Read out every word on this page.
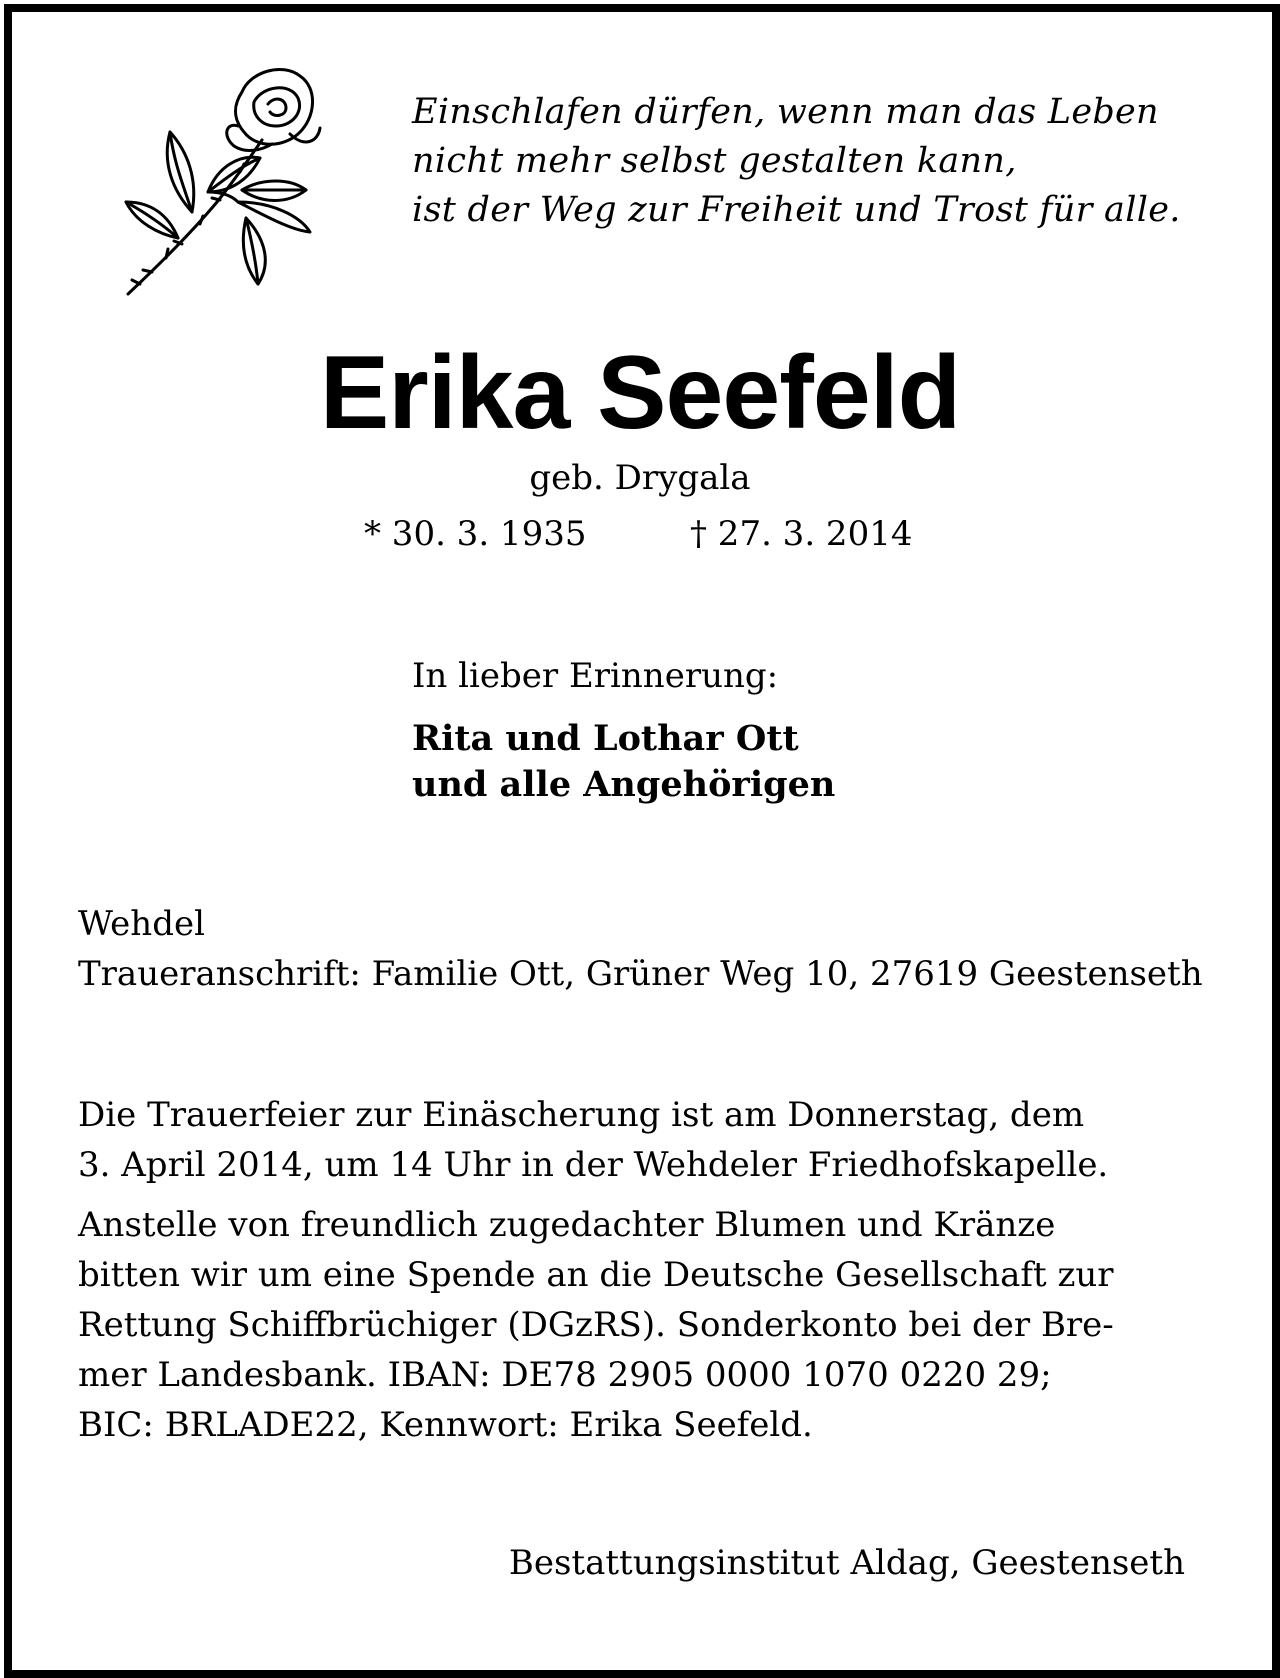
Einschlafen dürfen, wenn man das Leben
nicht mehr selbst gestalten kann,
ist der Weg zur Freiheit und Trost für alle.
Erika Seefeld
geb. Drygala
* 30. 3. 1935	† 27. 3. 2014
In lieber Erinnerung:
Rita und Lothar Ott
und alle Angehörigen
Wehdel
Traueranschrift: Familie Ott, Grüner Weg 10, 27619 Geestenseth
Die Trauerfeier zur Einäscherung ist am Donnerstag, dem
3. April 2014, um 14 Uhr in der Wehdeler Friedhofskapelle.
Anstelle von freundlich zugedachter Blumen und Kränze
bitten wir um eine Spende an die Deutsche Gesellschaft zur
Rettung Schiffbrüchiger (DGzRS). Sonderkonto bei der Bre-
mer Landesbank. IBAN: DE78 2905 0000 1070 0220 29;
BIC: BRLADE22, Kennwort: Erika Seefeld.
Bestattungsinstitut Aldag, Geestenseth
